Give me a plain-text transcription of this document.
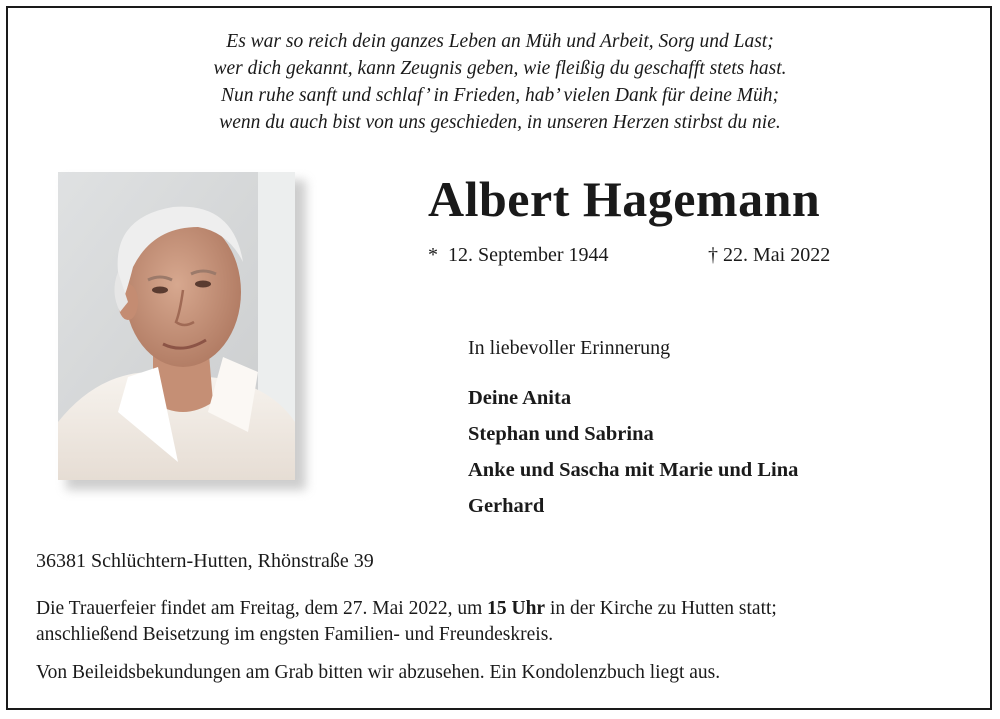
Es war so reich dein ganzes Leben an Müh und Arbeit, Sorg und Last;
wer dich gekannt, kann Zeugnis geben, wie fleißig du geschafft stets hast.
Nun ruhe sanft und schlaf’ in Frieden, hab’ vielen Dank für deine Müh;
wenn du auch bist von uns geschieden, in unseren Herzen stirbst du nie.
Albert Hagemann
* 12. September 1944	† 22. Mai 2022
In liebevoller Erinnerung
Deine Anita
Stephan und Sabrina
Anke und Sascha mit Marie und Lina
Gerhard
36381 Schlüchtern-Hutten, Rhönstraße 39
Die Trauerfeier findet am Freitag, dem 27. Mai 2022, um 15 Uhr in der Kirche zu Hutten statt;
anschließend Beisetzung im engsten Familien- und Freundeskreis.
Von Beileidsbekundungen am Grab bitten wir abzusehen. Ein Kondolenzbuch liegt aus.
